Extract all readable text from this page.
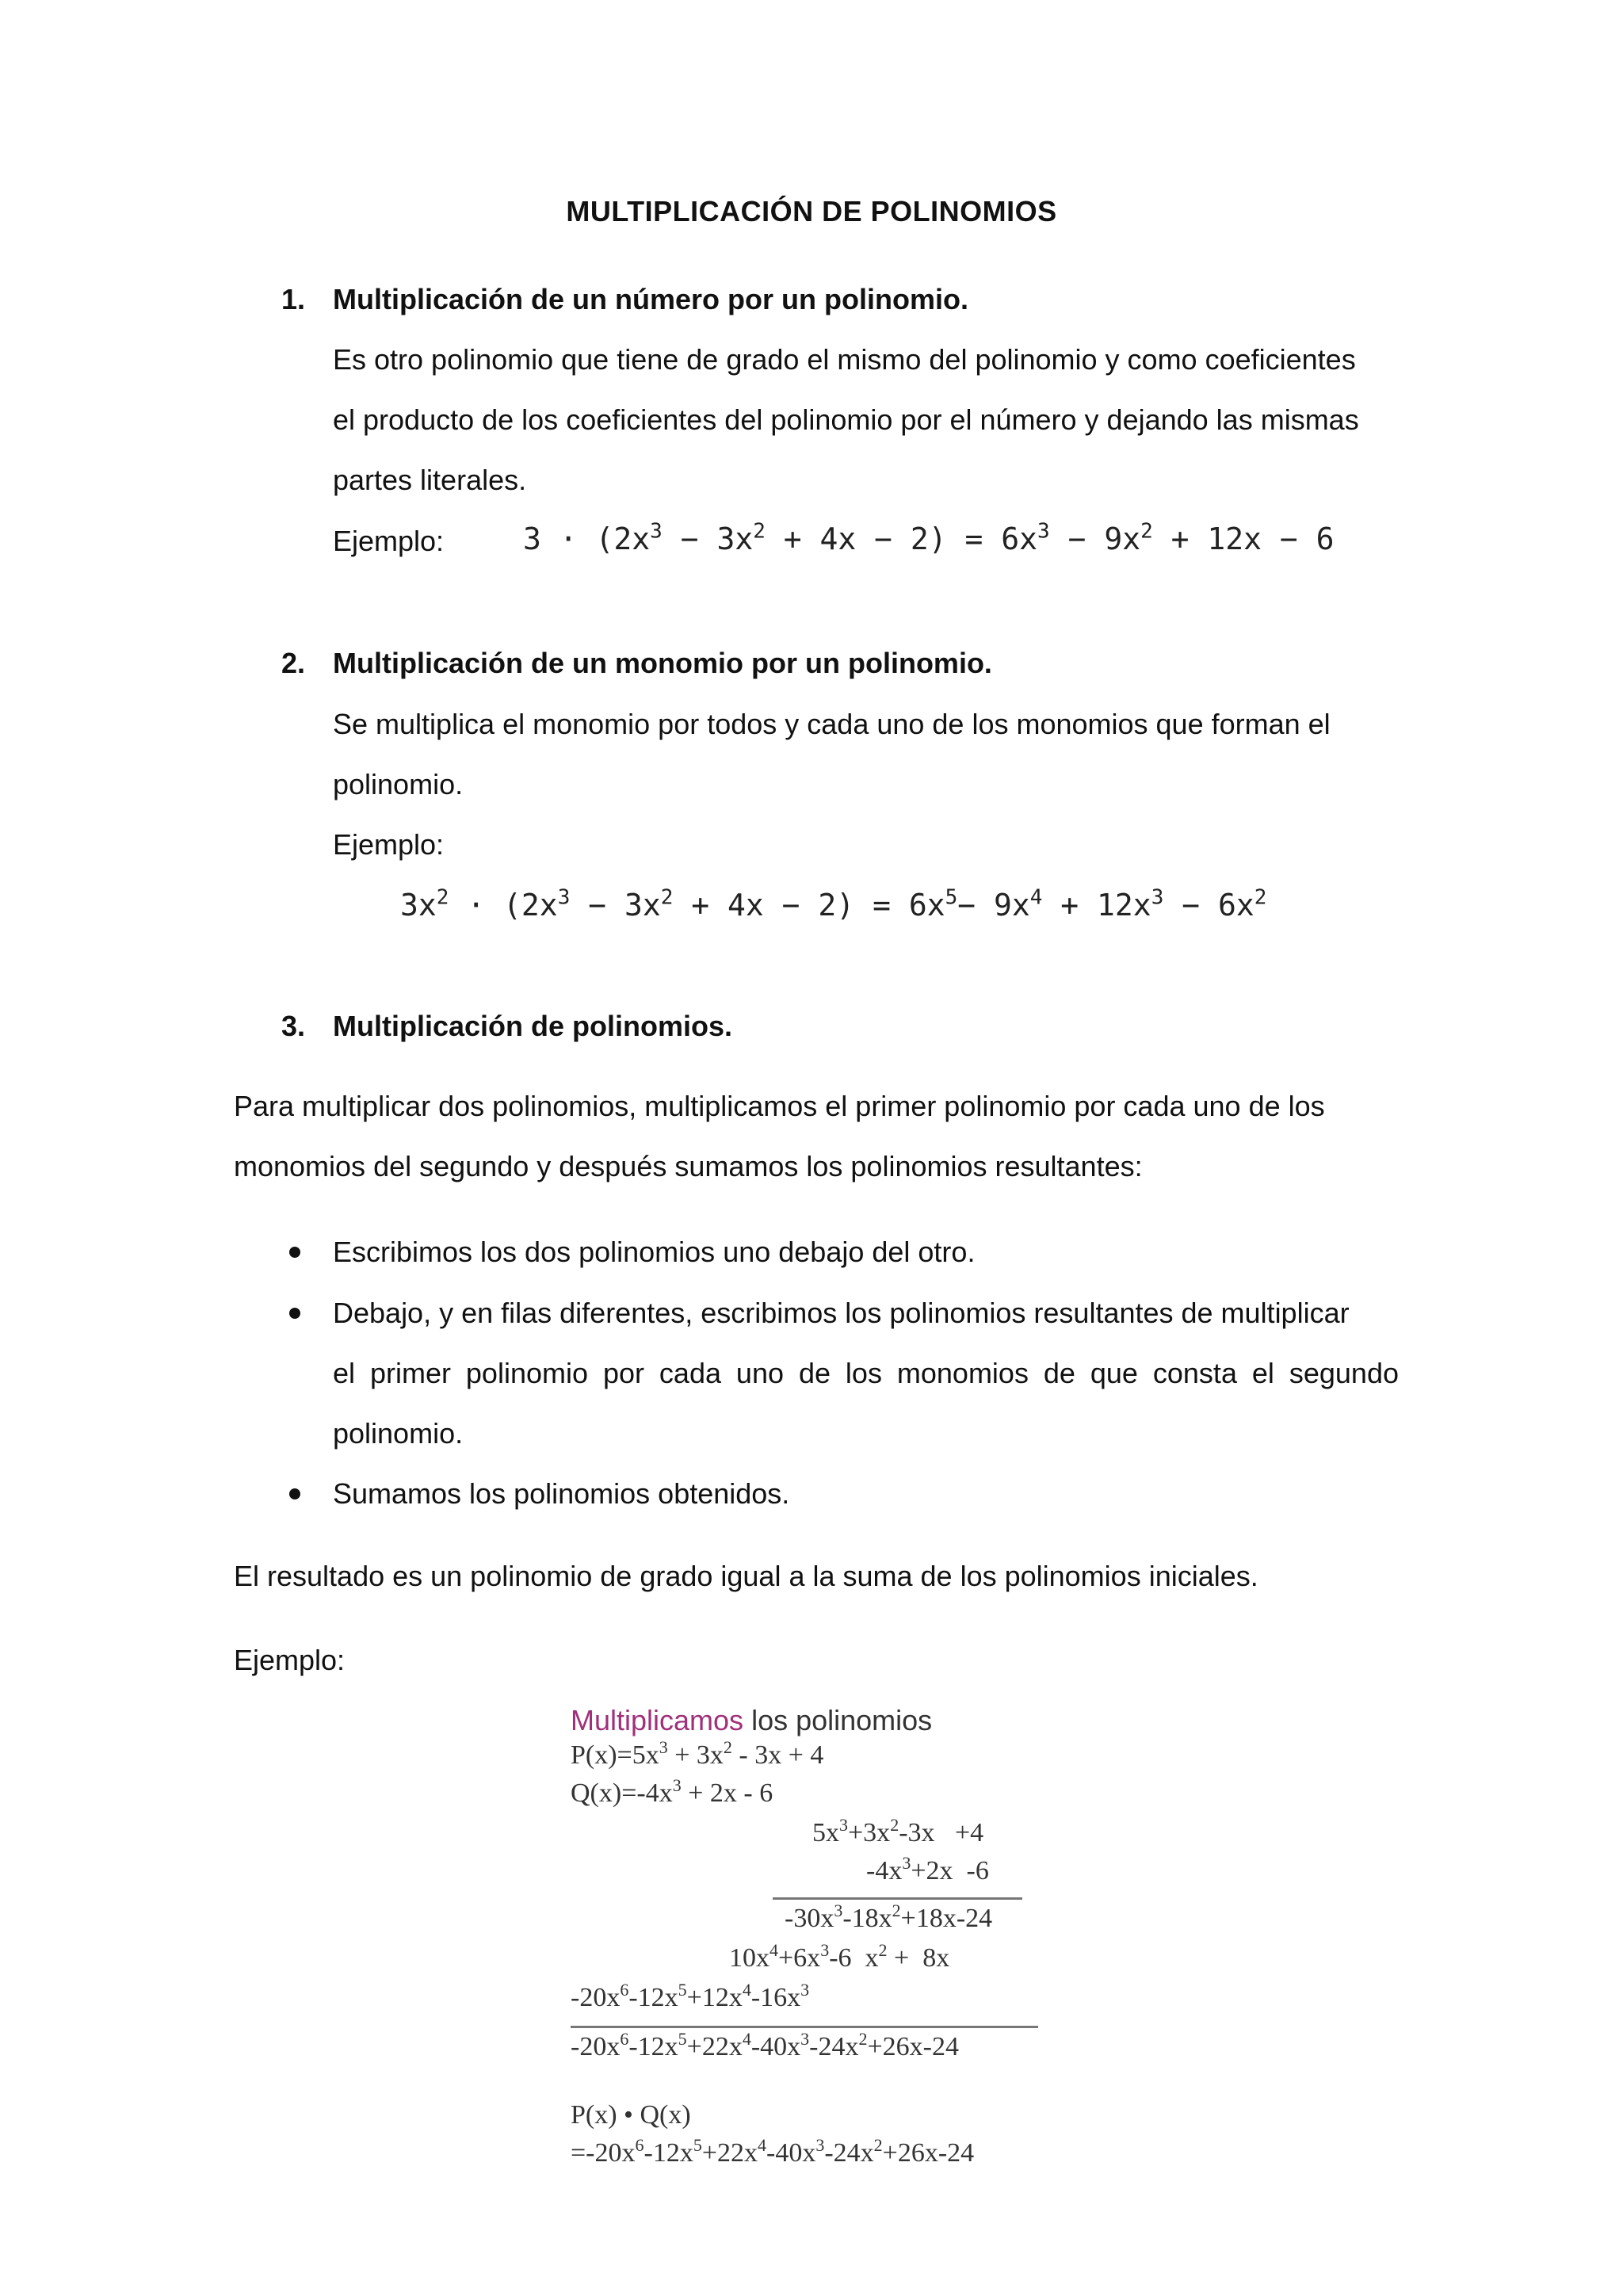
MULTIPLICACIÓN DE POLINOMIOS
1. Multiplicación de un número por un polinomio.
Es otro polinomio que tiene de grado el mismo del polinomio y como coeficientes
el producto de los coeficientes del polinomio por el número y dejando las mismas
partes literales.
Ejemplo:	$3 \cdot (2x^3 - 3x^2 + 4x - 2) = 6x^3 - 9x^2 + 12x - 6$
2. Multiplicación de un monomio por un polinomio.
Se multiplica el monomio por todos y cada uno de los monomios que forman el
polinomio.
Ejemplo:
$3x^2 \cdot (2x^3 - 3x^2 + 4x - 2) = 6x^5- 9x^4 + 12x^3 - 6x^2$
3. Multiplicación de polinomios.
Para multiplicar dos polinomios, multiplicamos el primer polinomio por cada uno de los
monomios del segundo y después sumamos los polinomios resultantes:
Escribimos los dos polinomios uno debajo del otro.
Debajo, y en filas diferentes, escribimos los polinomios resultantes de multiplicar
el primer polinomio por cada uno de los monomios de que consta el segundo
polinomio.
Sumamos los polinomios obtenidos.
El resultado es un polinomio de grado igual a la suma de los polinomios iniciales.
Ejemplo:
Multiplicamos los polinomios
$P(x)=5x^3 + 3x^2 - 3x + 4$
$Q(x)=-4x^3 + 2x - 6$
$5x^3+3x^2-3x +4$
$-4x^3+2x$  -6
$-30x^3-18x^2+18x-24$
$10x^4+6x^3-6$  $x^2 + 8x$
$-20x^6-12x^5+12x^4-16x^3$
$-20x^6-12x^5+22x^4-40x^3-24x^2+26x-24$
P(x) • Q(x)
$=-20x^6-12x^5+22x^4-40x^3-24x^2+26x-24$
